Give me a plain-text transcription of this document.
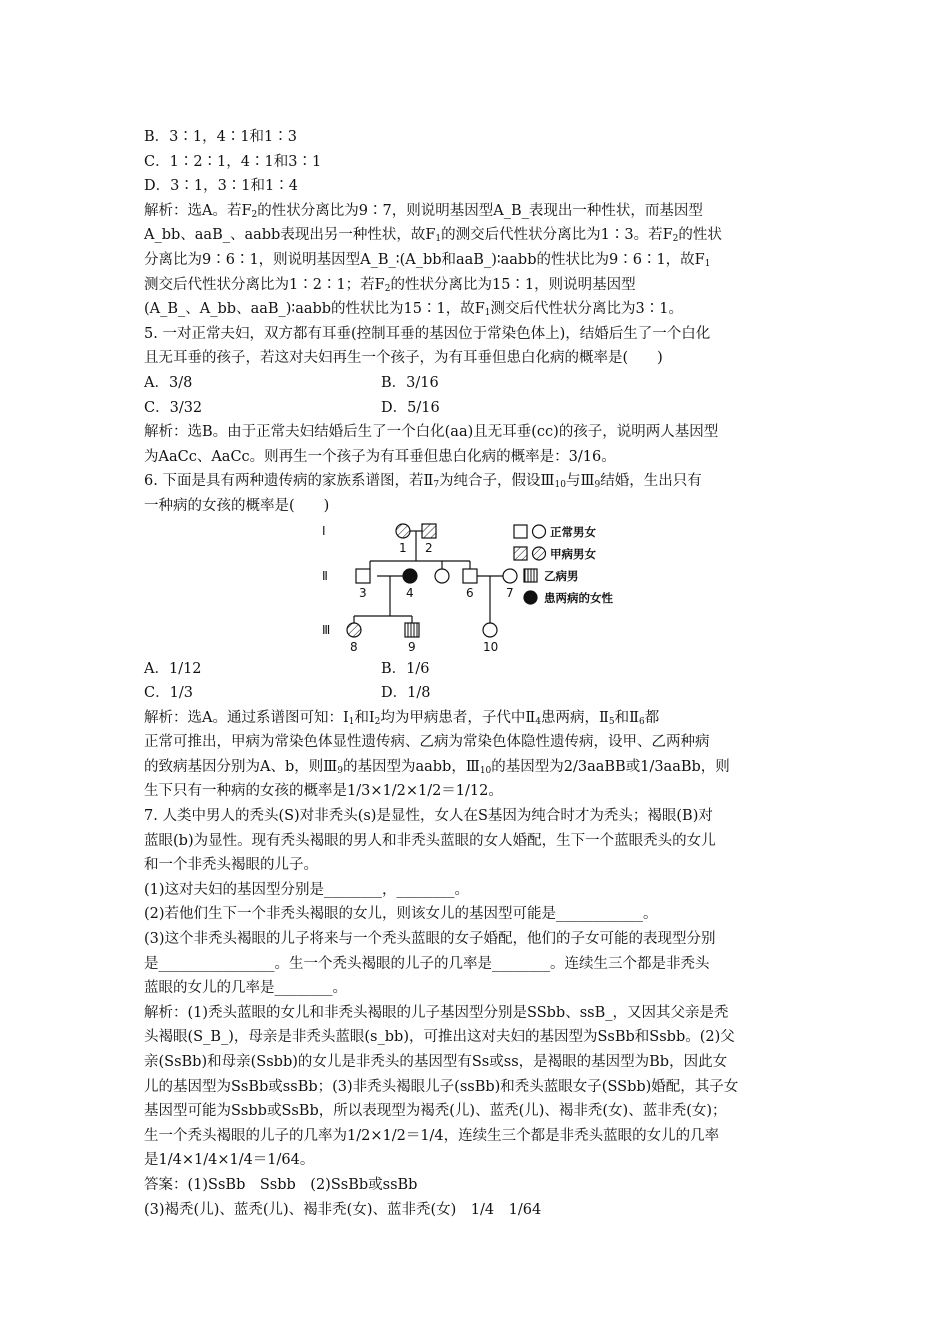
B．3∶1，4∶1和1∶3
C．1∶2∶1，4∶1和3∶1
D．3∶1，3∶1和1∶4
解析：选A。若$F_2$的性状分离比为9∶7，则说明基因型A_B_表现出一种性状，而基因型
A_bb、aaB_、aabb表现出另一种性状，故$F_1$的测交后代性状分离比为1∶3。若$F_2$的性状
分离比为9∶6∶1，则说明基因型A_B_∶(A_bb和aaB_)∶aabb的性状比为9∶6∶1，故$F_1$
测交后代性状分离比为1∶2∶1；若$F_2$的性状分离比为15∶1，则说明基因型
(A_B_、A_bb、aaB_)∶aabb的性状比为15∶1，故$F_1$测交后代性状分离比为3∶1。
5. 一对正常夫妇，双方都有耳垂(控制耳垂的基因位于常染色体上)，结婚后生了一个白化
且无耳垂的孩子，若这对夫妇再生一个孩子，为有耳垂但患白化病的概率是(　　)
A．3/8	B．3/16
C．3/32	D．5/16
解析：选B。由于正常夫妇结婚后生了一个白化(aa)且无耳垂(cc)的孩子，说明两人基因型
为AaCc、AaCc。则再生一个孩子为有耳垂但患白化病的概率是：3/16。
6. 下面是具有两种遗传病的家族系谱图，若$Ⅱ_7$为纯合子，假设$Ⅲ_{10}$与$Ⅲ_9$结婚，生出只有
一种病的女孩的概率是(　　)
Ⅰ
Ⅱ
Ⅲ
1 2
3	4	6	7
8	9	10
正常男女
甲病男女
乙病男
患两病的女性
A．1/12	B．1/6
C．1/3	D．1/8
解析：选A。通过系谱图可知：$Ⅰ_1$和$Ⅰ_2$均为甲病患者，子代中$Ⅱ_4$患两病，$Ⅱ_5$和$Ⅱ_6$都
正常可推出，甲病为常染色体显性遗传病、乙病为常染色体隐性遗传病，设甲、乙两种病
的致病基因分别为A、b，则$Ⅲ_9$的基因型为aabb，$Ⅲ_{10}$的基因型为2/3aaBB或1/3aaBb，则
生下只有一种病的女孩的概率是1/3×1/2×1/2＝1/12。
7. 人类中男人的秃头(S)对非秃头(s)是显性，女人在S基因为纯合时才为秃头；褐眼(B)对
蓝眼(b)为显性。现有秃头褐眼的男人和非秃头蓝眼的女人婚配，生下一个蓝眼秃头的女儿
和一个非秃头褐眼的儿子。
(1)这对夫妇的基因型分别是________，________。
(2)若他们生下一个非秃头褐眼的女儿，则该女儿的基因型可能是____________。
(3)这个非秃头褐眼的儿子将来与一个秃头蓝眼的女子婚配，他们的子女可能的表现型分别
是________________。生一个秃头褐眼的儿子的几率是________。连续生三个都是非秃头
蓝眼的女儿的几率是________。
解析：(1)秃头蓝眼的女儿和非秃头褐眼的儿子基因型分别是SSbb、ssB_，又因其父亲是秃
头褐眼(S_B_)，母亲是非秃头蓝眼(s_bb)，可推出这对夫妇的基因型为SsBb和Ssbb。(2)父
亲(SsBb)和母亲(Ssbb)的女儿是非秃头的基因型有Ss或ss，是褐眼的基因型为Bb，因此女
儿的基因型为SsBb或ssBb；(3)非秃头褐眼儿子(ssBb)和秃头蓝眼女子(SSbb)婚配，其子女
基因型可能为Ssbb或SsBb，所以表现型为褐秃(儿)、蓝秃(儿)、褐非秃(女)、蓝非秃(女)；
生一个秃头褐眼的儿子的几率为1/2×1/2＝1/4，连续生三个都是非秃头蓝眼的女儿的几率
是1/4×1/4×1/4＝1/64。
答案：(1)SsBb　Ssbb　(2)SsBb或ssBb
(3)褐秃(儿)、蓝秃(儿)、褐非秃(女)、蓝非秃(女)　1/4　1/64
